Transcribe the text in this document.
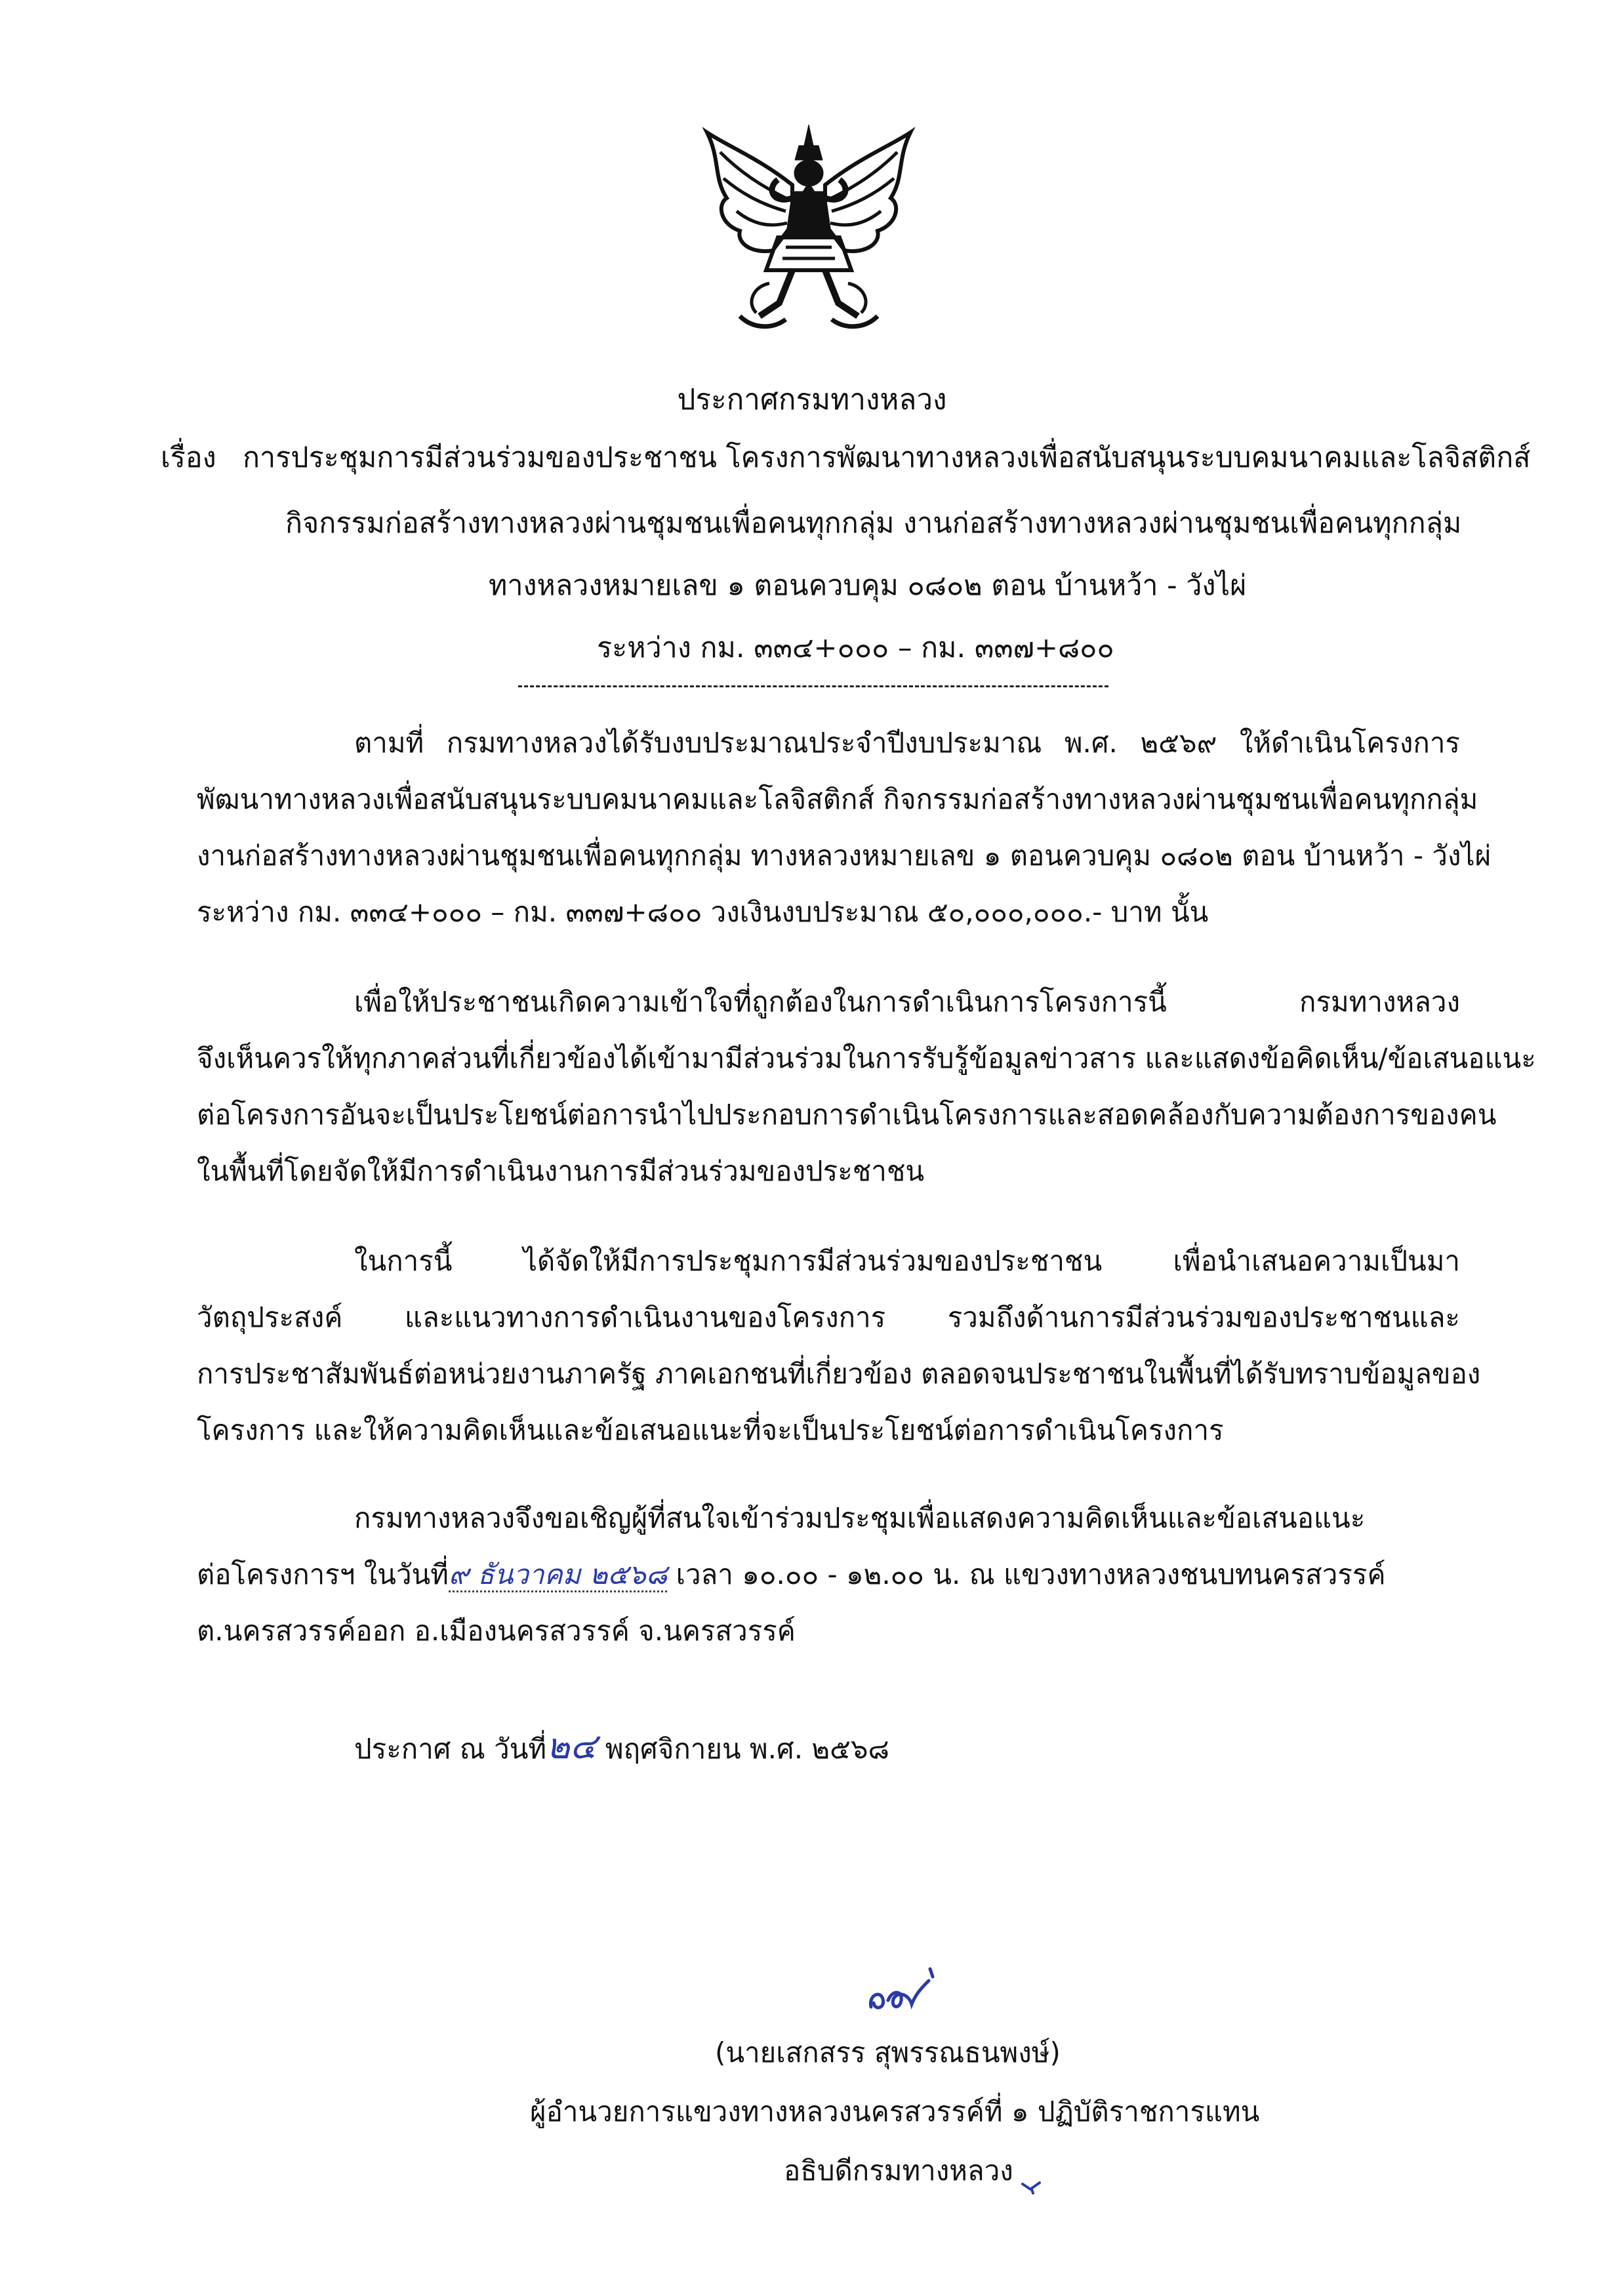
ประกาศกรมทางหลวง
เรื่อง การประชุมการมีส่วนร่วมของประชาชน โครงการพัฒนาทางหลวงเพื่อสนับสนุนระบบคมนาคมและโลจิสติกส์
กิจกรรมก่อสร้างทางหลวงผ่านชุมชนเพื่อคนทุกกลุ่ม งานก่อสร้างทางหลวงผ่านชุมชนเพื่อคนทุกกลุ่ม
ทางหลวงหมายเลข ๑ ตอนควบคุม ๐๘๐๒ ตอน บ้านหว้า - วังไผ่
ระหว่าง กม. ๓๓๔+๐๐๐ – กม. ๓๓๗+๘๐๐
ตามที่ กรมทางหลวงได้รับงบประมาณประจำปีงบประมาณ พ.ศ. ๒๕๖๙ ให้ดำเนินโครงการ
พัฒนาทางหลวงเพื่อสนับสนุนระบบคมนาคมและโลจิสติกส์ กิจกรรมก่อสร้างทางหลวงผ่านชุมชนเพื่อคนทุกกลุ่ม
งานก่อสร้างทางหลวงผ่านชุมชนเพื่อคนทุกกลุ่ม ทางหลวงหมายเลข ๑ ตอนควบคุม ๐๘๐๒ ตอน บ้านหว้า - วังไผ่
ระหว่าง กม. ๓๓๔+๐๐๐ – กม. ๓๓๗+๘๐๐ วงเงินงบประมาณ ๕๐,๐๐๐,๐๐๐.- บาท นั้น
เพื่อให้ประชาชนเกิดความเข้าใจที่ถูกต้องในการดำเนินการโครงการนี้ กรมทางหลวง
จึงเห็นควรให้ทุกภาคส่วนที่เกี่ยวข้องได้เข้ามามีส่วนร่วมในการรับรู้ข้อมูลข่าวสาร และแสดงข้อคิดเห็น/ข้อเสนอแนะ
ต่อโครงการอันจะเป็นประโยชน์ต่อการนำไปประกอบการดำเนินโครงการและสอดคล้องกับความต้องการของคน
ในพื้นที่โดยจัดให้มีการดำเนินงานการมีส่วนร่วมของประชาชน
ในการนี้ ได้จัดให้มีการประชุมการมีส่วนร่วมของประชาชน เพื่อนำเสนอความเป็นมา
วัตถุประสงค์ และแนวทางการดำเนินงานของโครงการ รวมถึงด้านการมีส่วนร่วมของประชาชนและ
การประชาสัมพันธ์ต่อหน่วยงานภาครัฐ ภาคเอกชนที่เกี่ยวข้อง ตลอดจนประชาชนในพื้นที่ได้รับทราบข้อมูลของ
โครงการ และให้ความคิดเห็นและข้อเสนอแนะที่จะเป็นประโยชน์ต่อการดำเนินโครงการ
กรมทางหลวงจึงขอเชิญผู้ที่สนใจเข้าร่วมประชุมเพื่อแสดงความคิดเห็นและข้อเสนอแนะ
ต่อโครงการฯ ในวันที่๙ ธันวาคม ๒๕๖๘ เวลา ๑๐.๐๐ - ๑๒.๐๐ น. ณ แขวงทางหลวงชนบทนครสวรรค์
ต.นครสวรรค์ออก อ.เมืองนครสวรรค์ จ.นครสวรรค์
ประกาศ ณ วันที่๒๔ พฤศจิกายน พ.ศ. ๒๕๖๘
(นายเสกสรร สุพรรณธนพงษ์)
ผู้อำนวยการแขวงทางหลวงนครสวรรค์ที่ ๑ ปฏิบัติราชการแทน
อธิบดีกรมทางหลวง
